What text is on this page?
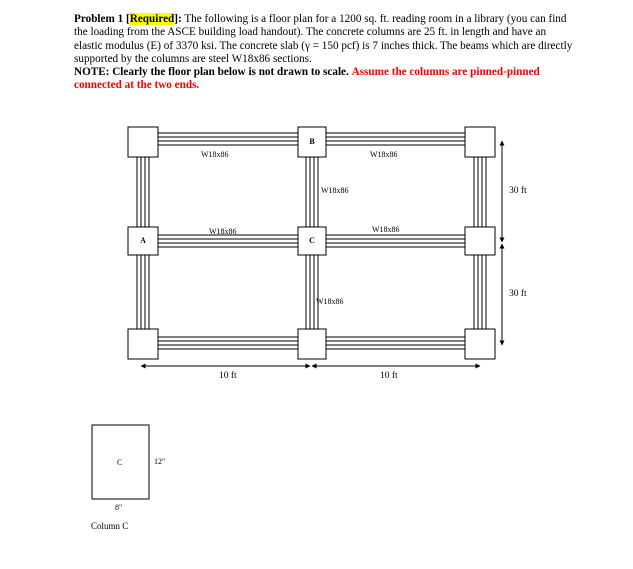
Problem 1 [Required]: The following is a floor plan for a 1200 sq. ft. reading room in a library (you can find the loading from the ASCE building load handout). The concrete columns are 25 ft. in length and have an elastic modulus (E) of 3370 ksi. The concrete slab (γ = 150 pcf) is 7 inches thick. The beams which are directly supported by the columns are steel W18x86 sections.
NOTE: Clearly the floor plan below is not drawn to scale. Assume the columns are pinned-pinned connected at the two ends.
W18x86	W18x86
W18x86
W18x86	W18x86
W18x86
B
A	C
10 ft	10 ft
30 ft
30 ft
C	12"
8"
Column C
